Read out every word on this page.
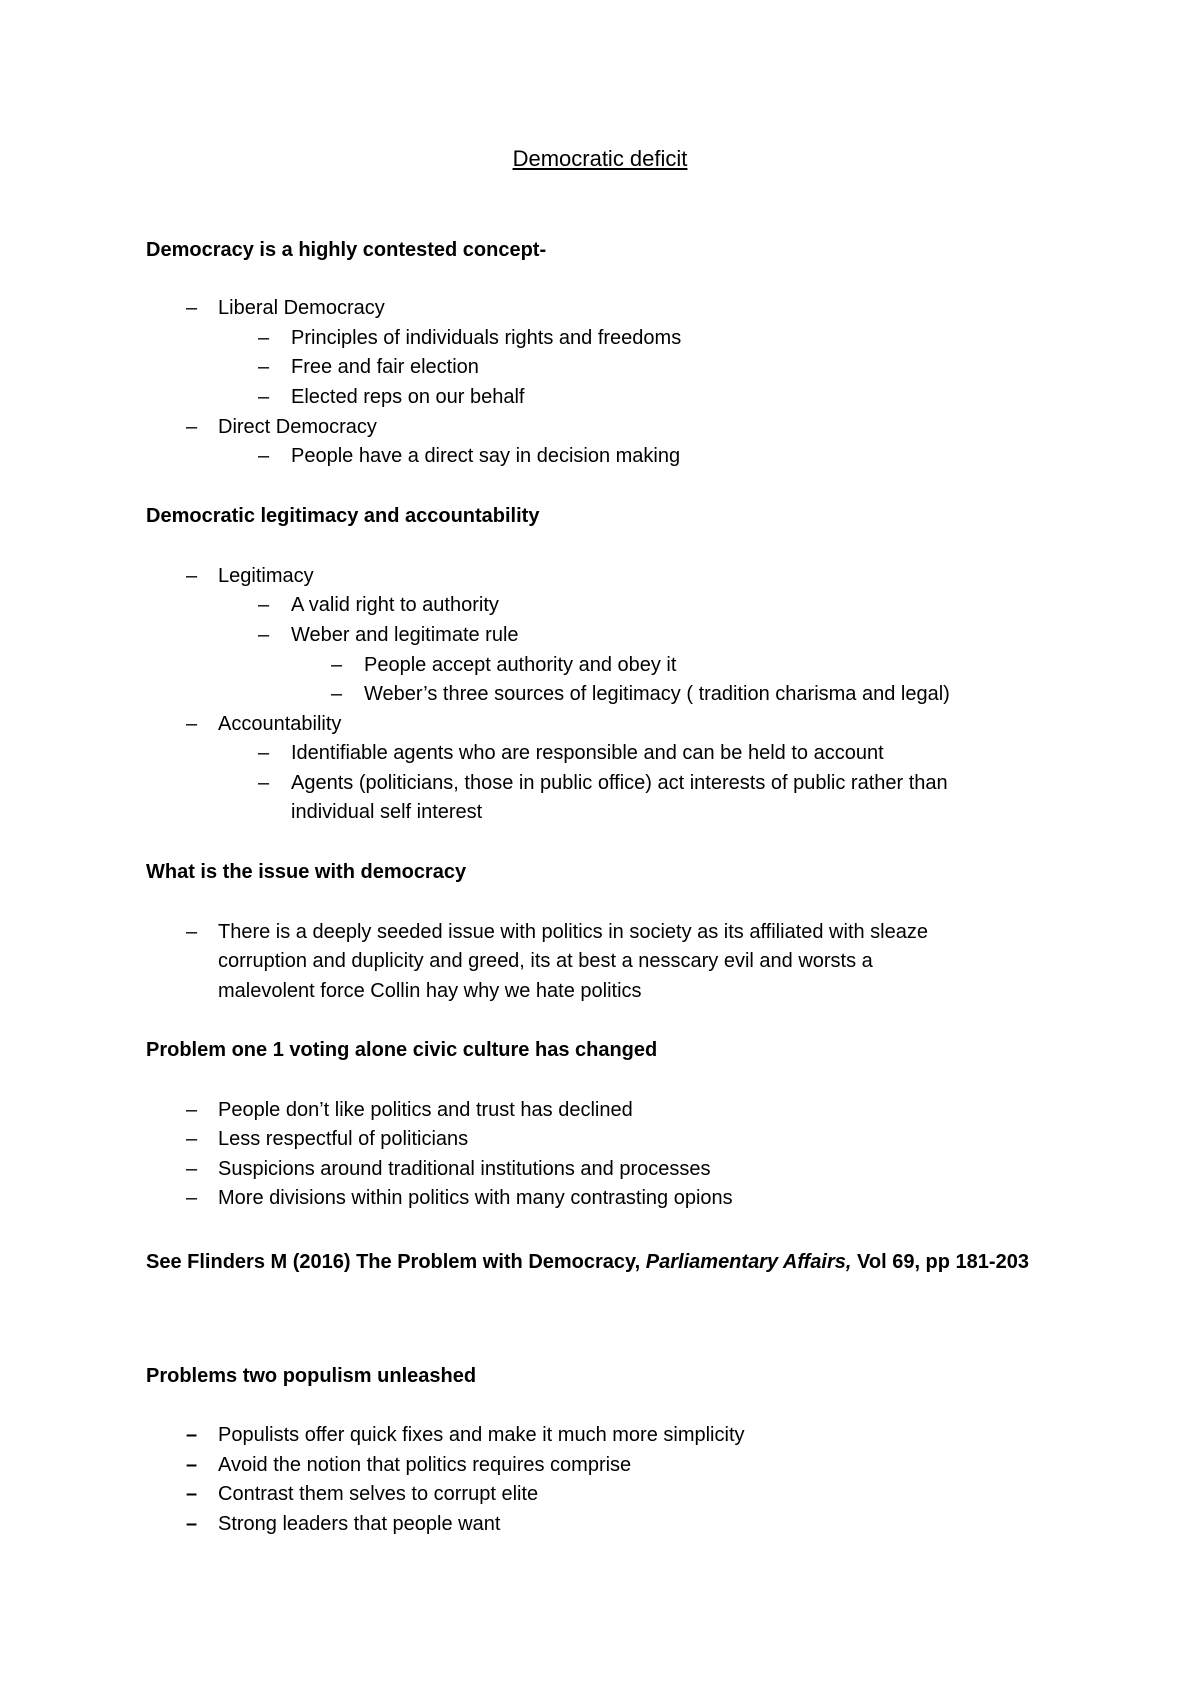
Democratic deficit
Democracy is a highly contested concept-
– Liberal Democracy
– Principles of individuals rights and freedoms
– Free and fair election
– Elected reps on our behalf
– Direct Democracy
– People have a direct say in decision making
Democratic legitimacy and accountability
– Legitimacy
– A valid right to authority
– Weber and legitimate rule
– People accept authority and obey it
– Weber’s three sources of legitimacy ( tradition charisma and legal)
– Accountability
– Identifiable agents who are responsible and can be held to account
– Agents (politicians, those in public office) act interests of public rather than
individual self interest
What is the issue with democracy
– There is a deeply seeded issue with politics in society as its affiliated with sleaze
corruption and duplicity and greed, its at best a nesscary evil and worsts a
malevolent force Collin hay why we hate politics
Problem one 1 voting alone civic culture has changed
– People don’t like politics and trust has declined
– Less respectful of politicians
– Suspicions around traditional institutions and processes
– More divisions within politics with many contrasting opions
See Flinders M (2016) The Problem with Democracy, Parliamentary Affairs, Vol 69, pp 181-203
Problems two populism unleashed
– Populists offer quick fixes and make it much more simplicity
– Avoid the notion that politics requires comprise
– Contrast them selves to corrupt elite
– Strong leaders that people want
